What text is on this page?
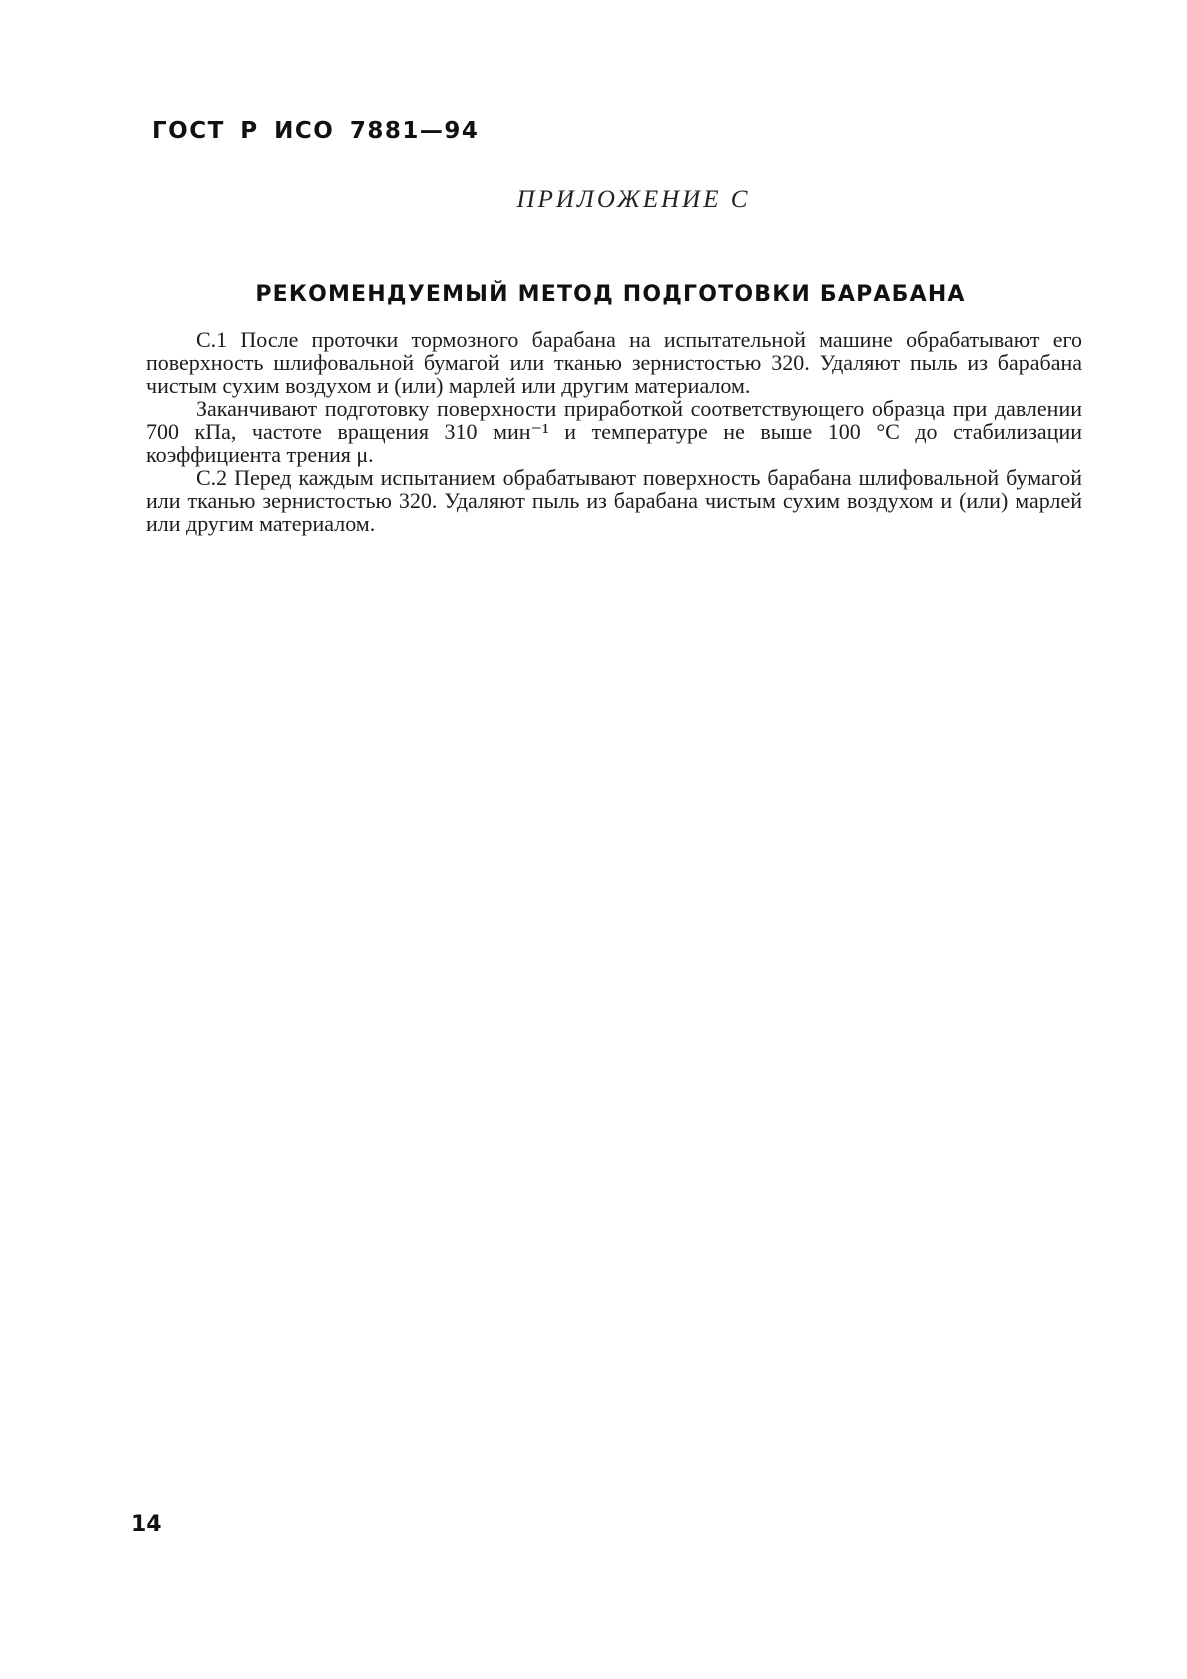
ГОСТ Р ИСО 7881—94
ПРИЛОЖЕНИЕ С
РЕКОМЕНДУЕМЫЙ МЕТОД ПОДГОТОВКИ БАРАБАНА

С.1 После проточки тормозного барабана на испытательной машине обрабатывают его поверхность шлифовальной бумагой или тканью зернистостью 320. Удаляют пыль из барабана чистым сухим воздухом и (или) марлей или другим материалом.

Заканчивают подготовку поверхности приработкой соответствующего образца при давлении 700 кПа, частоте вращения 310 мин⁻¹ и температуре не выше 100 °С до стабилизации коэффициента трения μ.

С.2 Перед каждым испытанием обрабатывают поверхность барабана шлифовальной бумагой или тканью зернистостью 320. Удаляют пыль из барабана чистым сухим воздухом и (или) марлей или другим материалом.

14
